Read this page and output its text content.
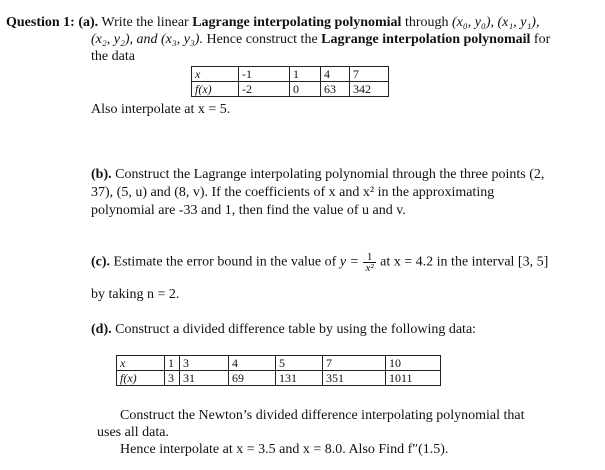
Question 1: (a). Write the linear Lagrange interpolating polynomial through (x₀, y₀), (x₁, y₁),
(x₂, y₂), and (x₃, y₃). Hence construct the Lagrange interpolation polynomail for
the data
x	-1	1	4	7
f(x)	-2	0	63	342
Also interpolate at x = 5.
(b). Construct the Lagrange interpolating polynomial through the three points (2,
37), (5, u) and (8, v). If the coefficients of x and x² in the approximating
polynomial are -33 and 1, then find the value of u and v.
(c). Estimate the error bound in the value of $y = \frac{1}{\text{x²}}$ at x = 4.2 in the interval [3, 5]
by taking n = 2.
(d). Construct a divided difference table by using the following data:
x	1	3	4	5	7	10
f(x)	3	31	69	131	351	1011
Construct the Newton’s divided difference interpolating polynomial that
uses all data.
Hence interpolate at x = 3.5 and x = 8.0. Also Find f″(1.5).
